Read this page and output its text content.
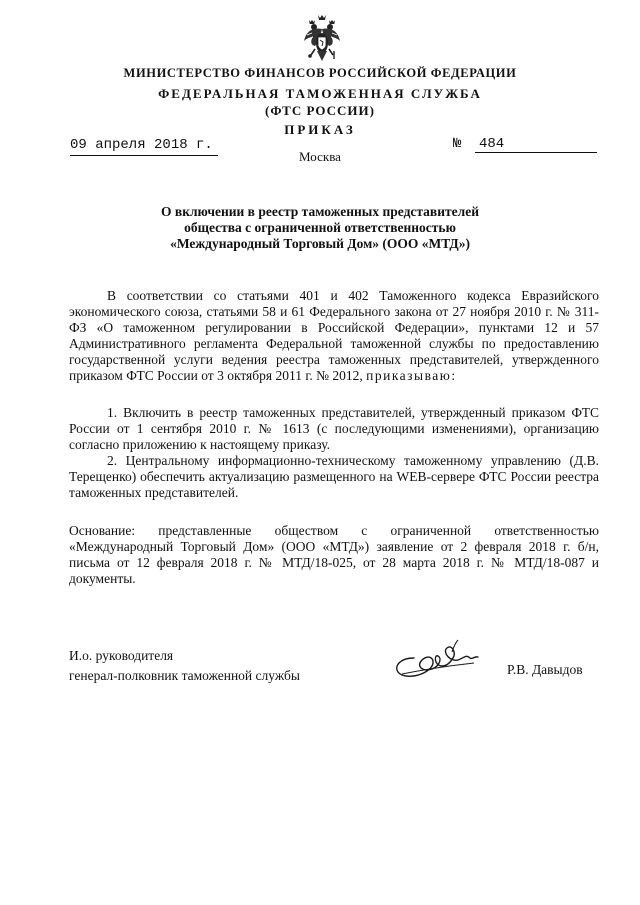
МИНИСТЕРСТВО ФИНАНСОВ РОССИЙСКОЙ ФЕДЕРАЦИИ
ФЕДЕРАЛЬНАЯ ТАМОЖЕННАЯ СЛУЖБА
(ФТС РОССИИ)
ПРИКАЗ
09 апреля 2018 г.	№ 484
Москва
О включении в реестр таможенных представителей
общества с ограниченной ответственностью
«Международный Торговый Дом» (ООО «МТД»)

В соответствии со статьями 401 и 402 Таможенного кодекса Евразийского экономического союза, статьями 58 и 61 Федерального закона от 27 ноября 2010 г. № 311-ФЗ «О таможенном регулировании в Российской Федерации», пунктами 12 и 57 Административного регламента Федеральной таможенной службы по предоставлению государственной услуги ведения реестра таможенных представителей, утвержденного приказом ФТС России от 3 октября 2011 г. № 2012, приказываю:

1. Включить в реестр таможенных представителей, утвержденный приказом ФТС России от 1 сентября 2010 г. № 1613 (с последующими изменениями), организацию согласно приложению к настоящему приказу.

2. Центральному информационно-техническому таможенному управлению (Д.В. Терещенко) обеспечить актуализацию размещенного на WEB-сервере ФТС России реестра таможенных представителей.

Основание: представленные обществом с ограниченной ответственностью «Международный Торговый Дом» (ООО «МТД») заявление от 2 февраля 2018 г. б/н, письма от 12 февраля 2018 г. № МТД/18-025, от 28 марта 2018 г. № МТД/18-087 и документы.

И.о. руководителя
генерал-полковник таможенной службы	Р.В. Давыдов
